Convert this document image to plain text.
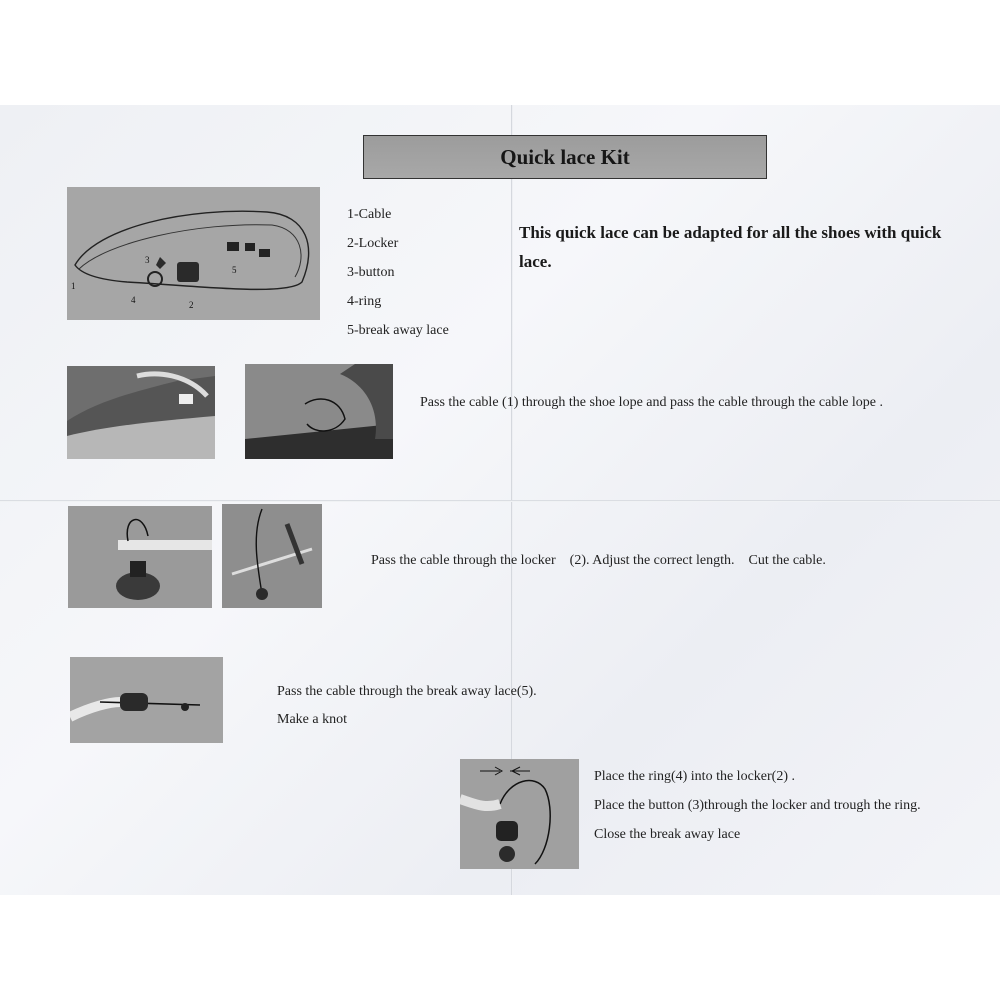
Quick lace Kit
1
2
3
4
5
1-Cable
2-Locker
3-button
4-ring
5-break away lace
This quick lace can be adapted for all the shoes with quick lace.
Pass the cable (1) through the shoe lope and pass the cable through the cable lope .
Pass the cable through the locker    (2). Adjust the correct length.    Cut the cable.
Pass the cable through the break away lace(5).
Make a knot
Place the ring(4) into the locker(2) .
Place the button (3)through the locker and trough the ring.
Close the break away lace
